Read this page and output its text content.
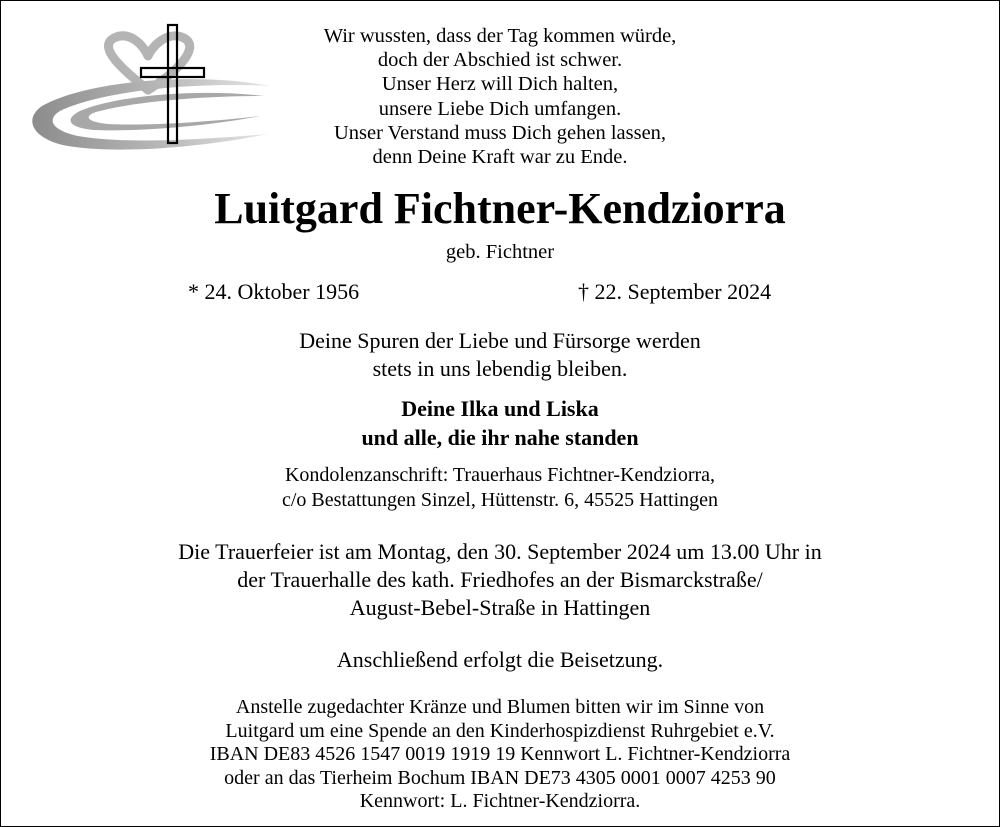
Wir wussten, dass der Tag kommen würde,
doch der Abschied ist schwer.
Unser Herz will Dich halten,
unsere Liebe Dich umfangen.
Unser Verstand muss Dich gehen lassen,
denn Deine Kraft war zu Ende.
Luitgard Fichtner-Kendziorra
geb. Fichtner
* 24. Oktober 1956	† 22. September 2024
Deine Spuren der Liebe und Fürsorge werden
stets in uns lebendig bleiben.
Deine Ilka und Liska
und alle, die ihr nahe standen
Kondolenzanschrift: Trauerhaus Fichtner-Kendziorra,
c/o Bestattungen Sinzel, Hüttenstr. 6, 45525 Hattingen
Die Trauerfeier ist am Montag, den 30. September 2024 um 13.00 Uhr in
der Trauerhalle des kath. Friedhofes an der Bismarckstraße/
August-Bebel-Straße in Hattingen
Anschließend erfolgt die Beisetzung.
Anstelle zugedachter Kränze und Blumen bitten wir im Sinne von
Luitgard um eine Spende an den Kinderhospizdienst Ruhrgebiet e.V.
IBAN DE83 4526 1547 0019 1919 19 Kennwort L. Fichtner-Kendziorra
oder an das Tierheim Bochum IBAN DE73 4305 0001 0007 4253 90
Kennwort: L. Fichtner-Kendziorra.
